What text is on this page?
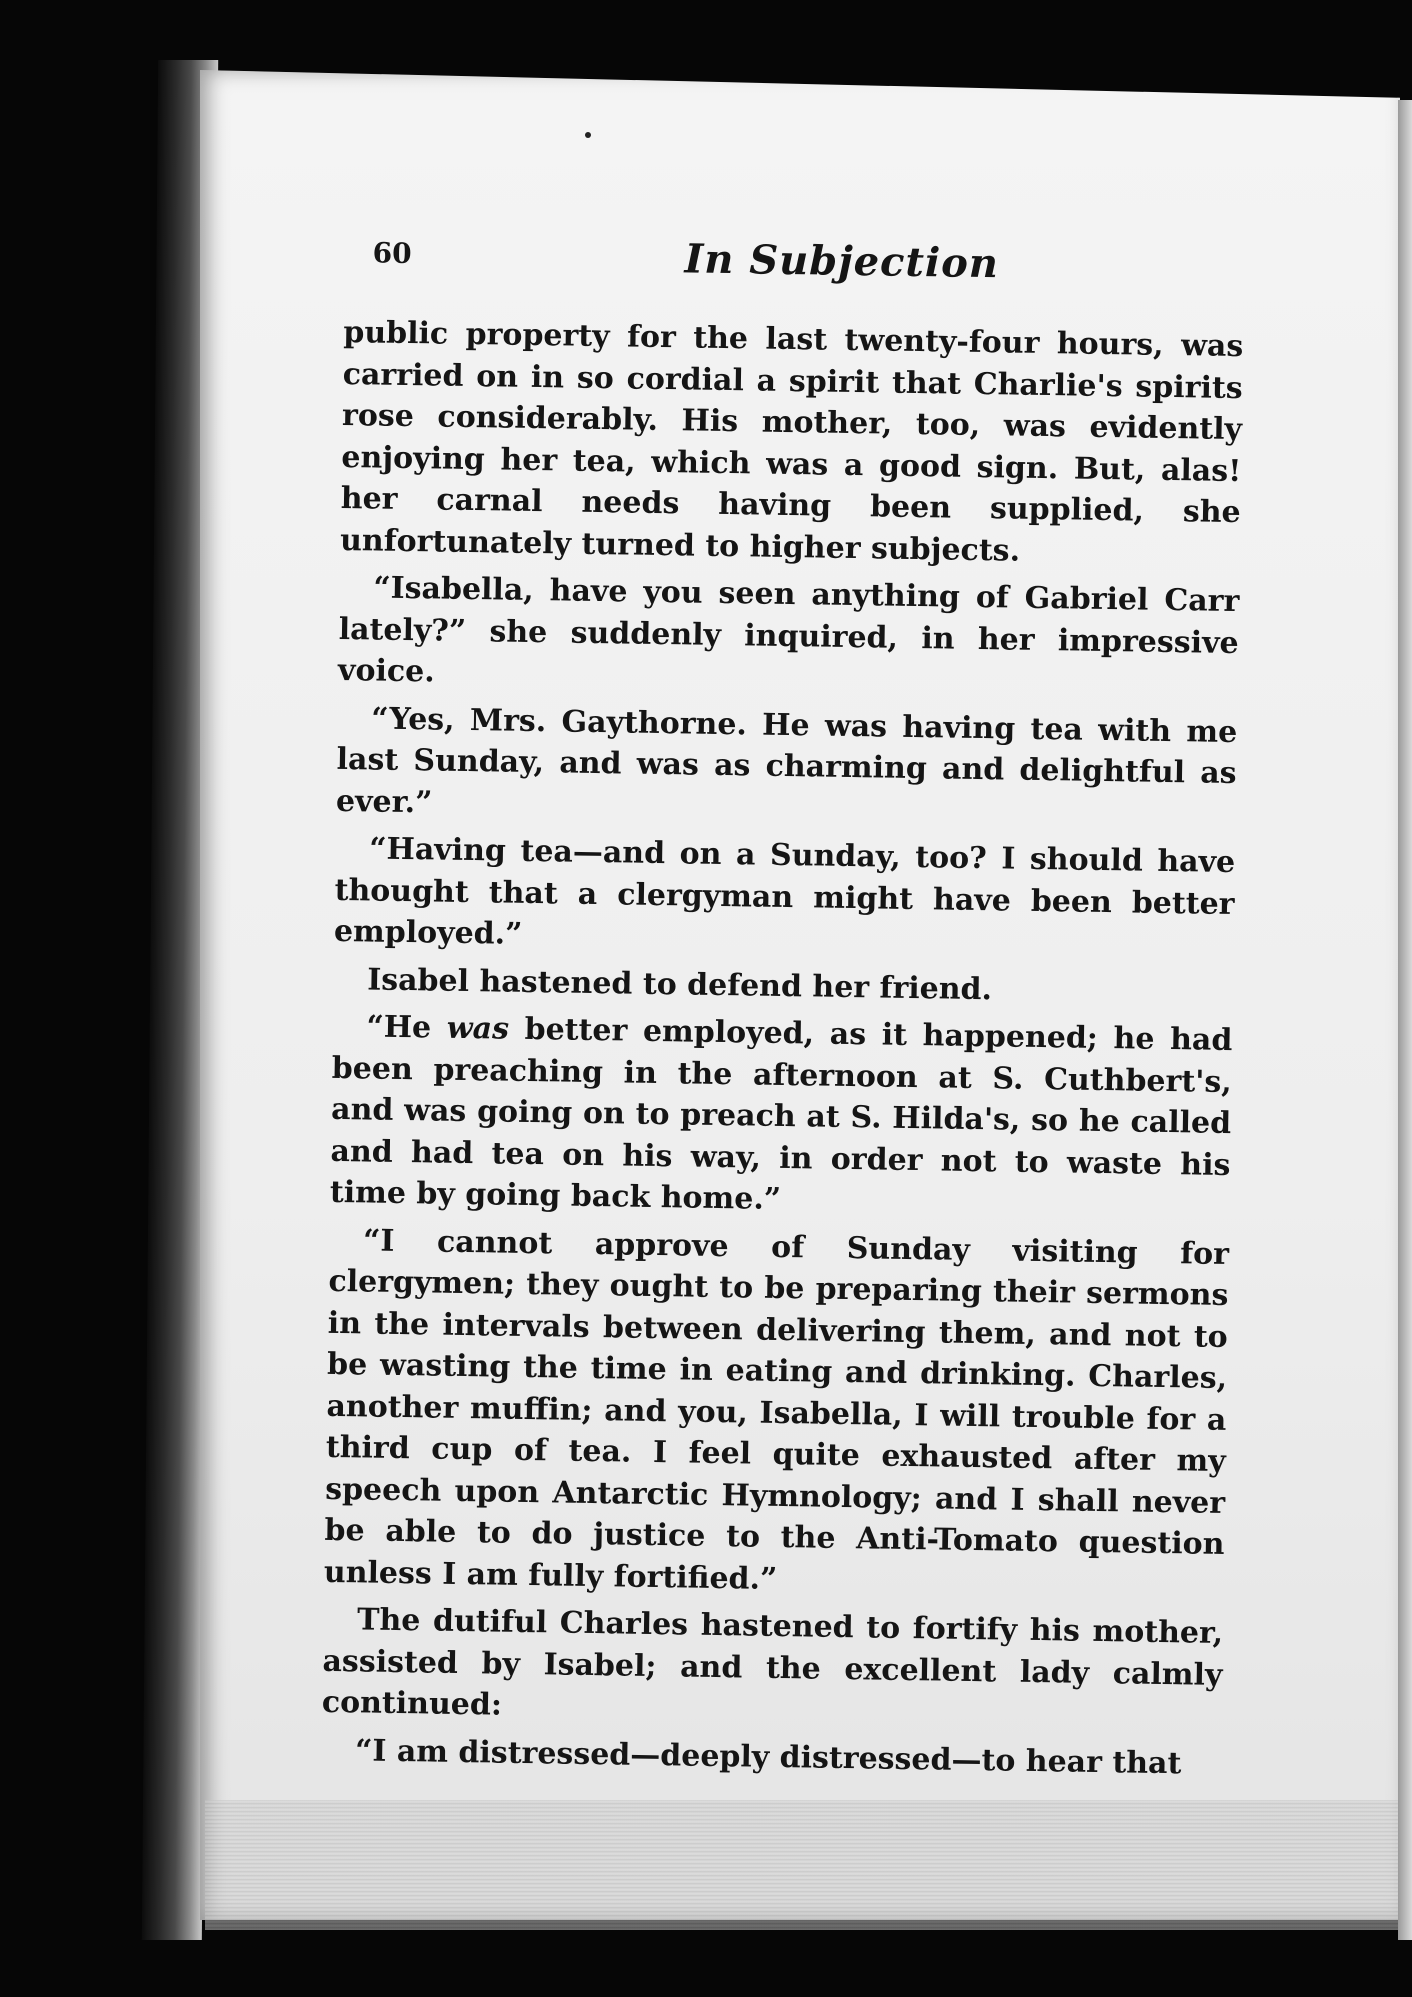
60	In Subjection

public property for the last twenty-four hours, was carried on in so cordial a spirit that Charlie's spirits rose considerably. His mother, too, was evidently enjoying her tea, which was a good sign. But, alas! her carnal needs having been supplied, she unfortunately turned to higher subjects.

“Isabella, have you seen anything of Gabriel Carr lately?” she suddenly inquired, in her impressive voice.

“Yes, Mrs. Gaythorne. He was having tea with me last Sunday, and was as charming and delightful as ever.”

“Having tea—and on a Sunday, too? I should have thought that a clergyman might have been better employed.”

Isabel hastened to defend her friend.

“He was better employed, as it happened; he had been preaching in the afternoon at S. Cuthbert's, and was going on to preach at S. Hilda's, so he called and had tea on his way, in order not to waste his time by going back home.”

“I cannot approve of Sunday visiting for clergymen; they ought to be preparing their sermons in the intervals between delivering them, and not to be wasting the time in eating and drinking. Charles, another muffin; and you, Isabella, I will trouble for a third cup of tea. I feel quite exhausted after my speech upon Antarctic Hymnology; and I shall never be able to do justice to the Anti-Tomato question unless I am fully fortified.”

The dutiful Charles hastened to fortify his mother, assisted by Isabel; and the excellent lady calmly continued:

“I am distressed—deeply distressed—to hear that
